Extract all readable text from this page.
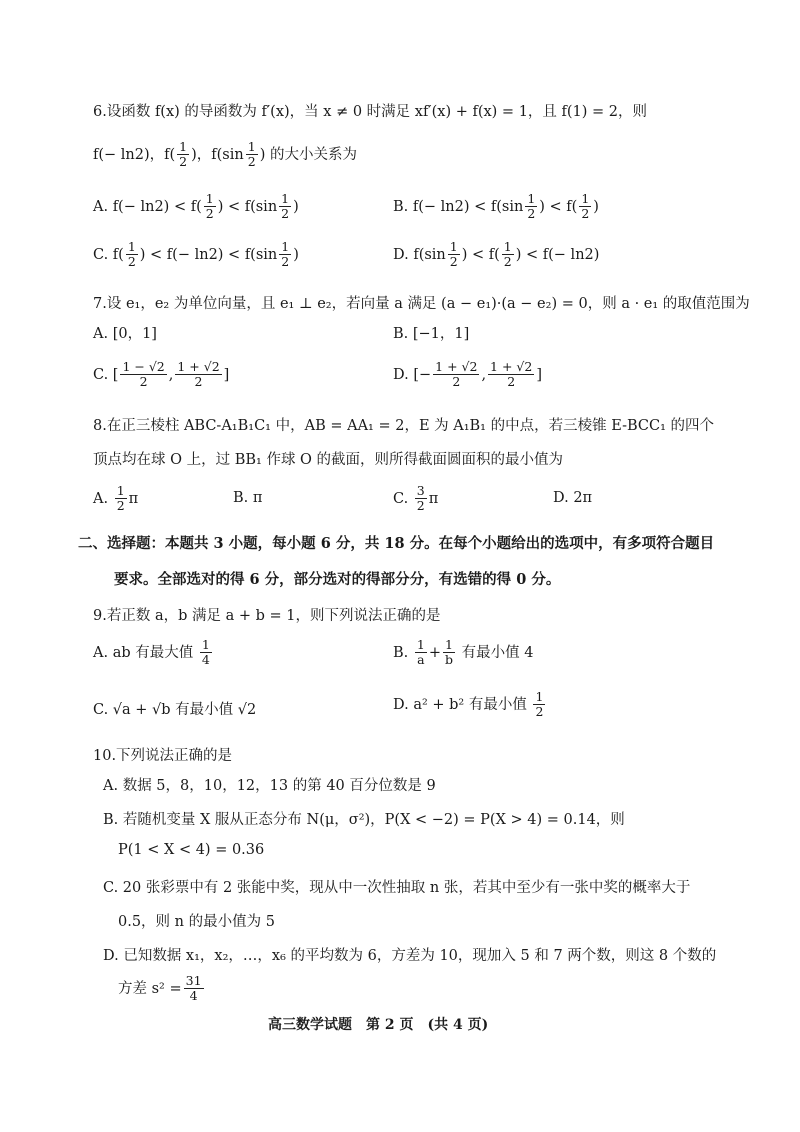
6.设函数 f(x) 的导函数为 f′(x)，当 x ≠ 0 时满足 xf′(x) + f(x) = 1，且 f(1) = 2，则
f(− ln2)，$f( \frac{1}{2}$ )，$f(\sin \frac{1}{2}$ ) 的大小关系为
A. $f(- \ln 2) < f( \frac{1}{2}$ ) < $f(\sin \frac{1}{2}$ )	B. $f(- \ln 2) < f(\sin \frac{1}{2}$ ) < $f( \frac{1}{2}$ )
C. $f( \frac{1}{2}$ ) < $f(- \ln 2) < f(\sin \frac{1}{2}$ )	D. $f(\sin \frac{1}{2}$ ) < $f( \frac{1}{2}$ ) < f(− ln2)
7.设 e₁，e₂ 为单位向量，且 e₁ ⊥ e₂，若向量 a 满足 (a − e₁)·(a − e₂) = 0，则 a · e₁ 的取值范围为
A. [0，1]	B. [−1，1]
C. [ $\frac{1 - √2}{2}$ , $\frac{1 + √2}{2}$ ]	D. [− $\frac{1 + √2}{2}$ , $\frac{1 + √2}{2}$ ]
8.在正三棱柱 ABC-A₁B₁C₁ 中，AB = AA₁ = 2，E 为 A₁B₁ 的中点，若三棱锥 E-BCC₁ 的四个
顶点均在球 O 上，过 BB₁ 作球 O 的截面，则所得截面圆面积的最小值为
A. $\frac{1}{2}$ π	B. π	C. $\frac{3}{2}$ π	D. 2π
二、选择题：本题共 3 小题，每小题 6 分，共 18 分。在每个小题给出的选项中，有多项符合题目
要求。全部选对的得 6 分，部分选对的得部分分，有选错的得 0 分。
9.若正数 a，b 满足 a + b = 1，则下列说法正确的是
A. ab 有最大值 $\frac{1}{4}$	B. $\frac{1}{a} + \frac{1}{b}$ 有最小值 4
C. √a + √b 有最小值 √2	D. a² + b² 有最小值 $\frac{1}{2}$
10.下列说法正确的是
A. 数据 5，8，10，12，13 的第 40 百分位数是 9
B. 若随机变量 X 服从正态分布 N(μ，σ²)，P(X < −2) = P(X > 4) = 0.14，则
P(1 < X < 4) = 0.36
C. 20 张彩票中有 2 张能中奖，现从中一次性抽取 n 张，若其中至少有一张中奖的概率大于
0.5，则 n 的最小值为 5
D. 已知数据 x₁，x₂，…，x₆ 的平均数为 6，方差为 10，现加入 5 和 7 两个数，则这 8 个数的
方差 $s^2 = \frac{31}{4}$
高三数学试题　第 2 页　(共 4 页)
